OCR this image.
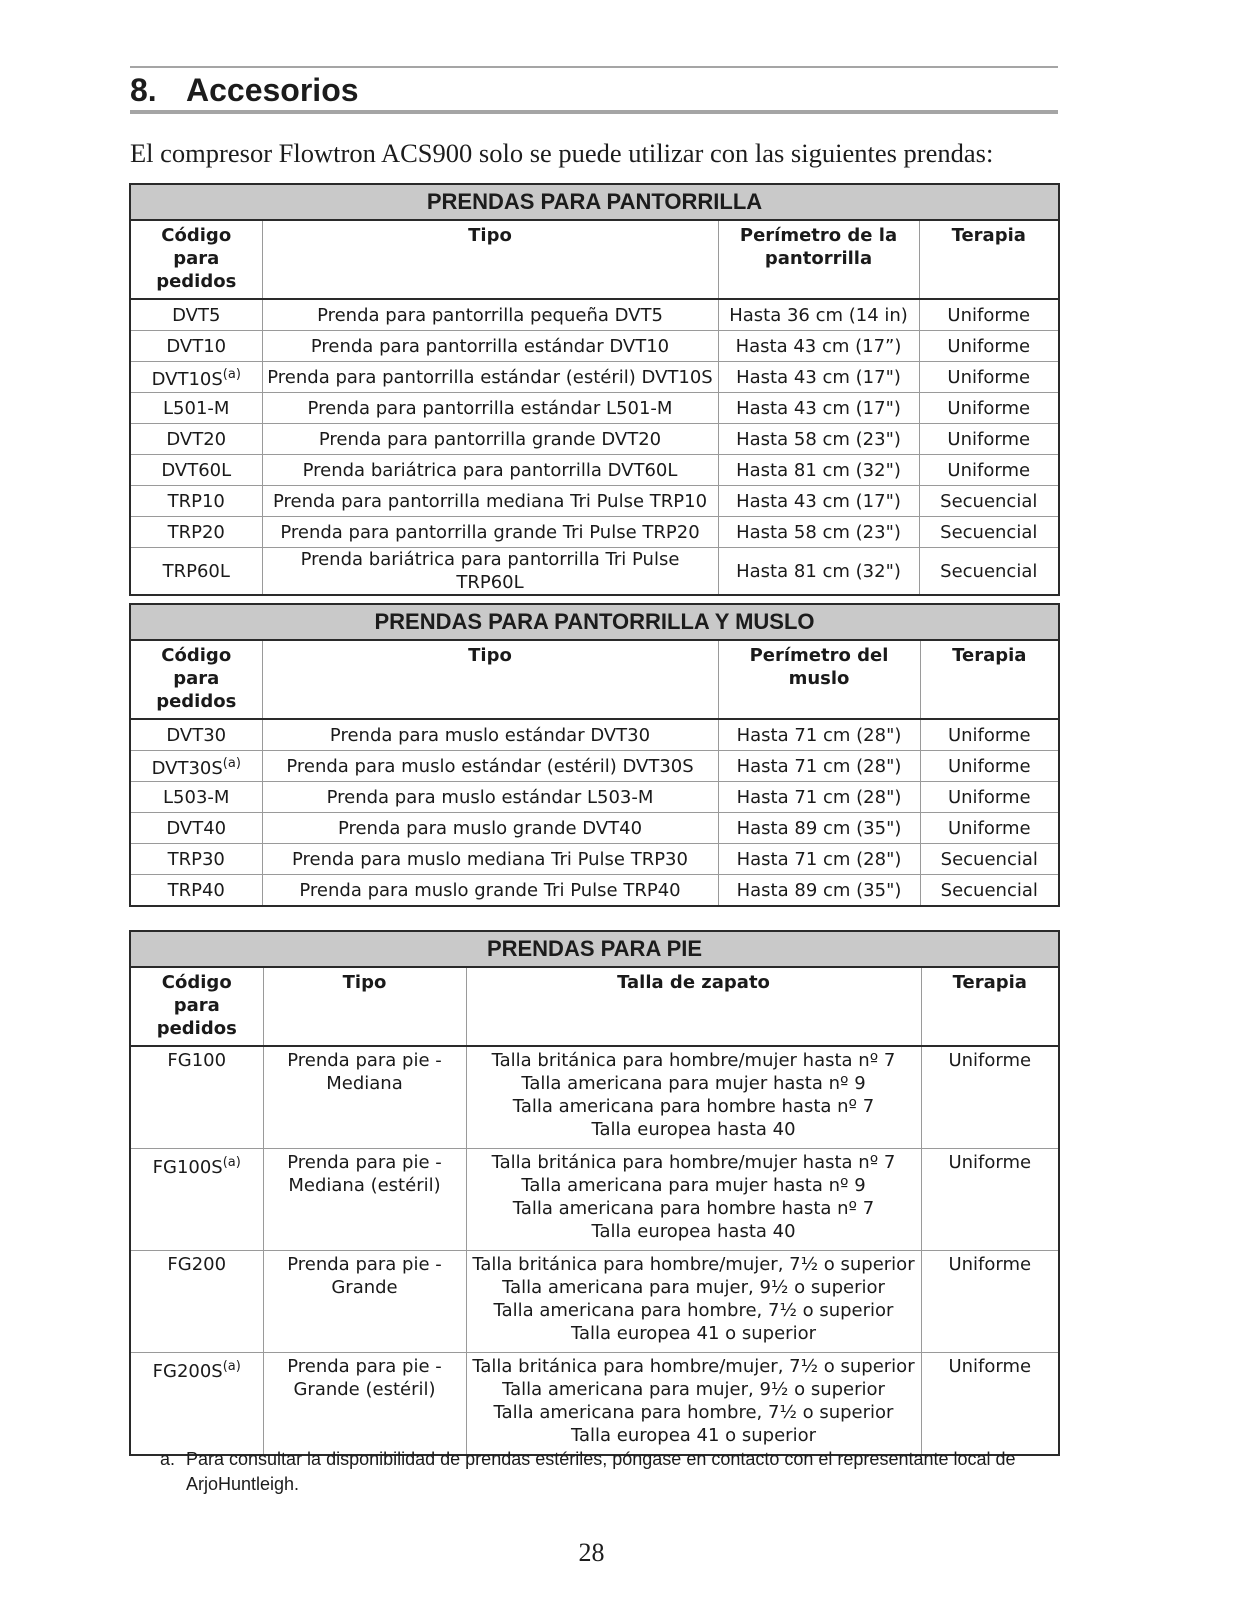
8. Accesorios
El compresor Flowtron ACS900 solo se puede utilizar con las siguientes prendas:
PRENDAS PARA PANTORRILLA			
Código para pedidos	Tipo	Perímetro de la pantorrilla	Terapia
DVT5	Prenda para pantorrilla pequeña DVT5	Hasta 36 cm (14 in)	Uniforme
DVT10	Prenda para pantorrilla estándar DVT10	Hasta 43 cm (17”)	Uniforme
$DVT10S^{(a)}$	Prenda para pantorrilla estándar (estéril) DVT10S	Hasta 43 cm (17")	Uniforme
L501-M	Prenda para pantorrilla estándar L501-M	Hasta 43 cm (17")	Uniforme
DVT20	Prenda para pantorrilla grande DVT20	Hasta 58 cm (23")	Uniforme
DVT60L	Prenda bariátrica para pantorrilla DVT60L	Hasta 81 cm (32")	Uniforme
TRP10	Prenda para pantorrilla mediana Tri Pulse TRP10	Hasta 43 cm (17")	Secuencial
TRP20	Prenda para pantorrilla grande Tri Pulse TRP20	Hasta 58 cm (23")	Secuencial
TRP60L	Prenda bariátrica para pantorrilla Tri Pulse TRP60L	Hasta 81 cm (32")	Secuencial
PRENDAS PARA PANTORRILLA Y MUSLO			
Código para pedidos	Tipo	Perímetro del muslo	Terapia
DVT30	Prenda para muslo estándar DVT30	Hasta 71 cm (28")	Uniforme
$DVT30S^{(a)}$	Prenda para muslo estándar (estéril) DVT30S	Hasta 71 cm (28")	Uniforme
L503-M	Prenda para muslo estándar L503-M	Hasta 71 cm (28")	Uniforme
DVT40	Prenda para muslo grande DVT40	Hasta 89 cm (35")	Uniforme
TRP30	Prenda para muslo mediana Tri Pulse TRP30	Hasta 71 cm (28")	Secuencial
TRP40	Prenda para muslo grande Tri Pulse TRP40	Hasta 89 cm (35")	Secuencial
PRENDAS PARA PIE			
Código para pedidos	Tipo	Talla de zapato	Terapia
FG100	Prenda para pie - Mediana	Talla británica para hombre/mujer hasta nº 7
Talla americana para mujer hasta nº 9
Talla americana para hombre hasta nº 7
Talla europea hasta 40	Uniforme
$FG100S^{(a)}$	Prenda para pie - Mediana (estéril)	Talla británica para hombre/mujer hasta nº 7
Talla americana para mujer hasta nº 9
Talla americana para hombre hasta nº 7
Talla europea hasta 40	Uniforme
FG200	Prenda para pie - Grande	Talla británica para hombre/mujer, 7½ o superior
Talla americana para mujer, 9½ o superior
Talla americana para hombre, 7½ o superior
Talla europea 41 o superior	Uniforme
$FG200S^{(a)}$	Prenda para pie - Grande (estéril)	Talla británica para hombre/mujer, 7½ o superior
Talla americana para mujer, 9½ o superior
Talla americana para hombre, 7½ o superior
Talla europea 41 o superior	Uniforme
a. Para consultar la disponibilidad de prendas estériles, póngase en contacto con el representante local de ArjoHuntleigh.
28
